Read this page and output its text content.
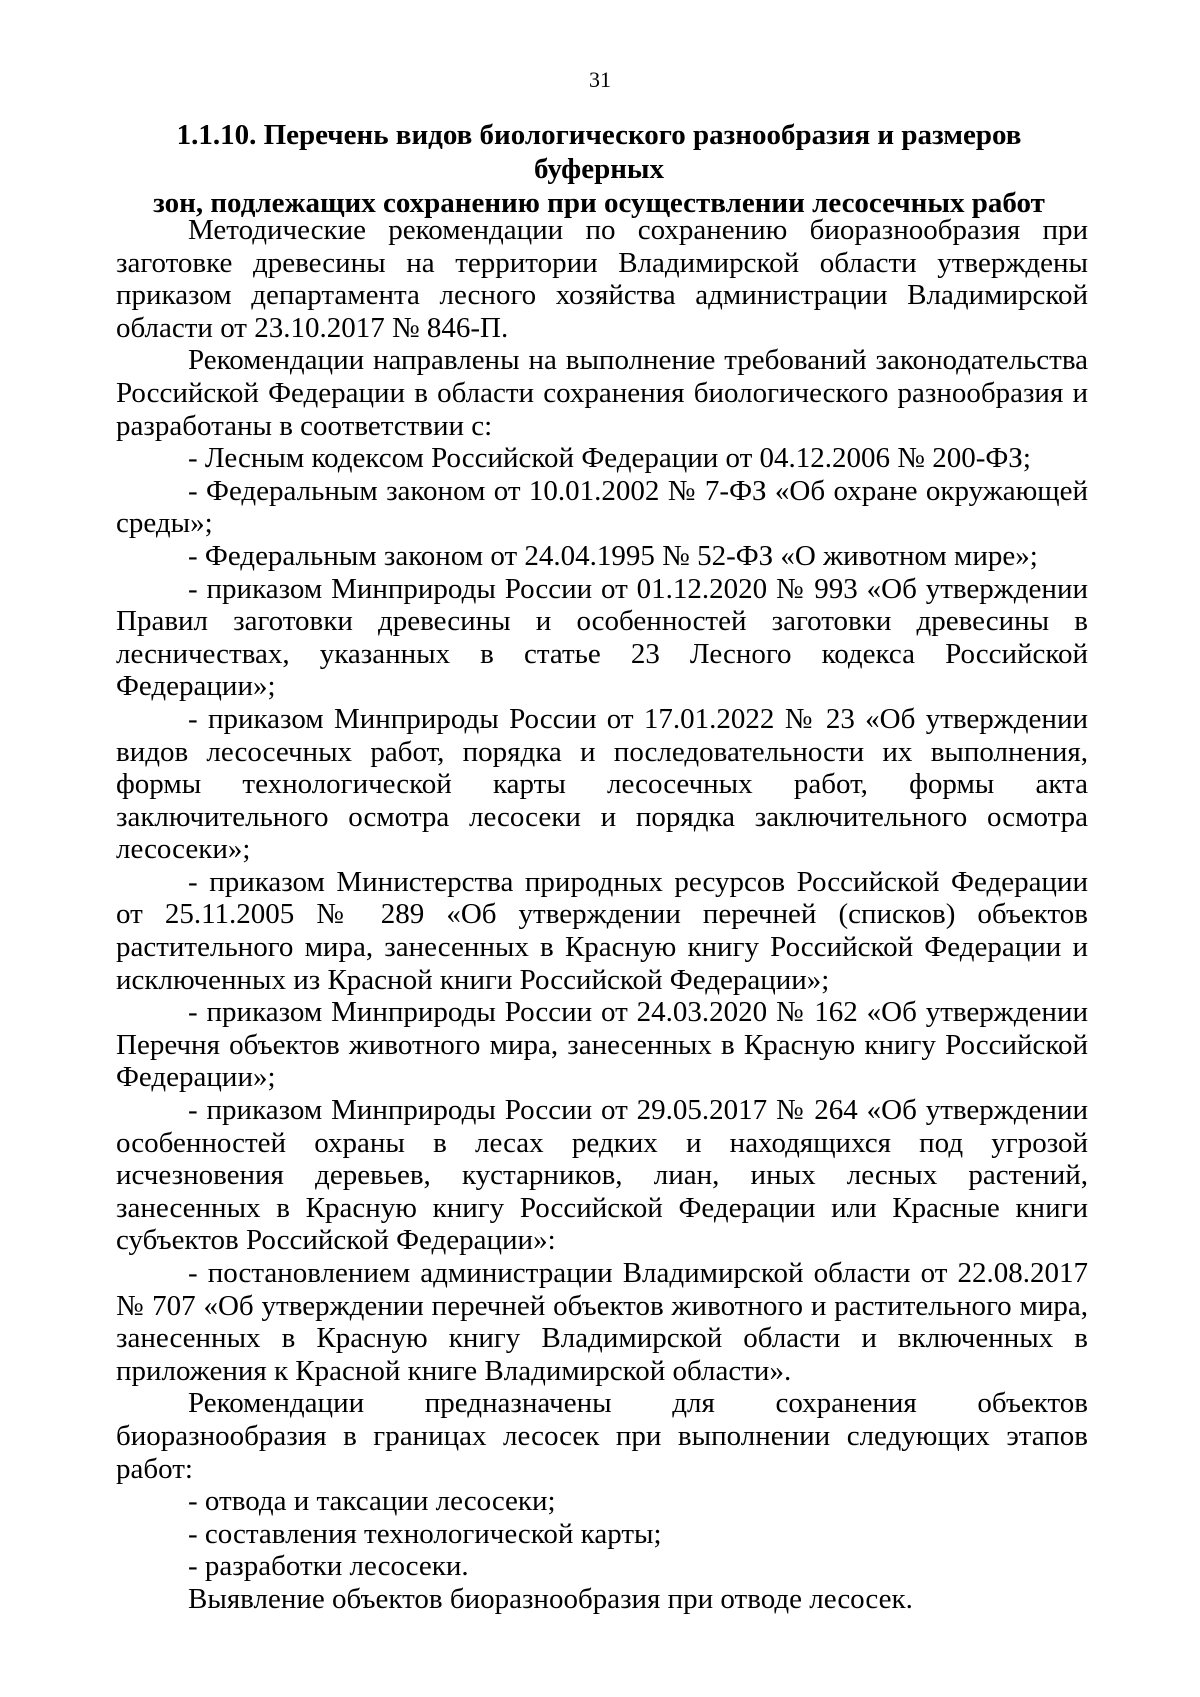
31
1.1.10. Перечень видов биологического разнообразия и размеров буферных
зон, подлежащих сохранению при осуществлении лесосечных работ

Методические рекомендации по сохранению биоразнообразия при заготовке древесины на территории Владимирской области утверждены приказом департамента лесного хозяйства администрации Владимирской области от 23.10.2017 № 846-П.

Рекомендации направлены на выполнение требований законодательства Российской Федерации в области сохранения биологического разнообразия и разработаны в соответствии с:

- Лесным кодексом Российской Федерации от 04.12.2006 № 200-ФЗ;

- Федеральным законом от 10.01.2002 № 7-ФЗ «Об охране окружающей среды»;

- Федеральным законом от 24.04.1995 № 52-ФЗ «О животном мире»;

- приказом Минприроды России от 01.12.2020 № 993 «Об утверждении Правил заготовки древесины и особенностей заготовки древесины в лесничествах, указанных в статье 23 Лесного кодекса Российской Федерации»;

- приказом Минприроды России от 17.01.2022 № 23 «Об утверждении видов лесосечных работ, порядка и последовательности их выполнения, формы технологической карты лесосечных работ, формы акта заключительного осмотра лесосеки и порядка заключительного осмотра лесосеки»;

- приказом Министерства природных ресурсов Российской Федерации от 25.11.2005 № 289 «Об утверждении перечней (списков) объектов растительного мира, занесенных в Красную книгу Российской Федерации и исключенных из Красной книги Российской Федерации»;

- приказом Минприроды России от 24.03.2020 № 162 «Об утверждении Перечня объектов животного мира, занесенных в Красную книгу Российской Федерации»;

- приказом Минприроды России от 29.05.2017 № 264 «Об утверждении особенностей охраны в лесах редких и находящихся под угрозой исчезновения деревьев, кустарников, лиан, иных лесных растений, занесенных в Красную книгу Российской Федерации или Красные книги субъектов Российской Федерации»:

- постановлением администрации Владимирской области от 22.08.2017 № 707 «Об утверждении перечней объектов животного и растительного мира, занесенных в Красную книгу Владимирской области и включенных в приложения к Красной книге Владимирской области».

Рекомендации предназначены для сохранения объектов биоразнообразия в границах лесосек при выполнении следующих этапов работ:

- отвода и таксации лесосеки;

- составления технологической карты;

- разработки лесосеки.

Выявление объектов биоразнообразия при отводе лесосек.
